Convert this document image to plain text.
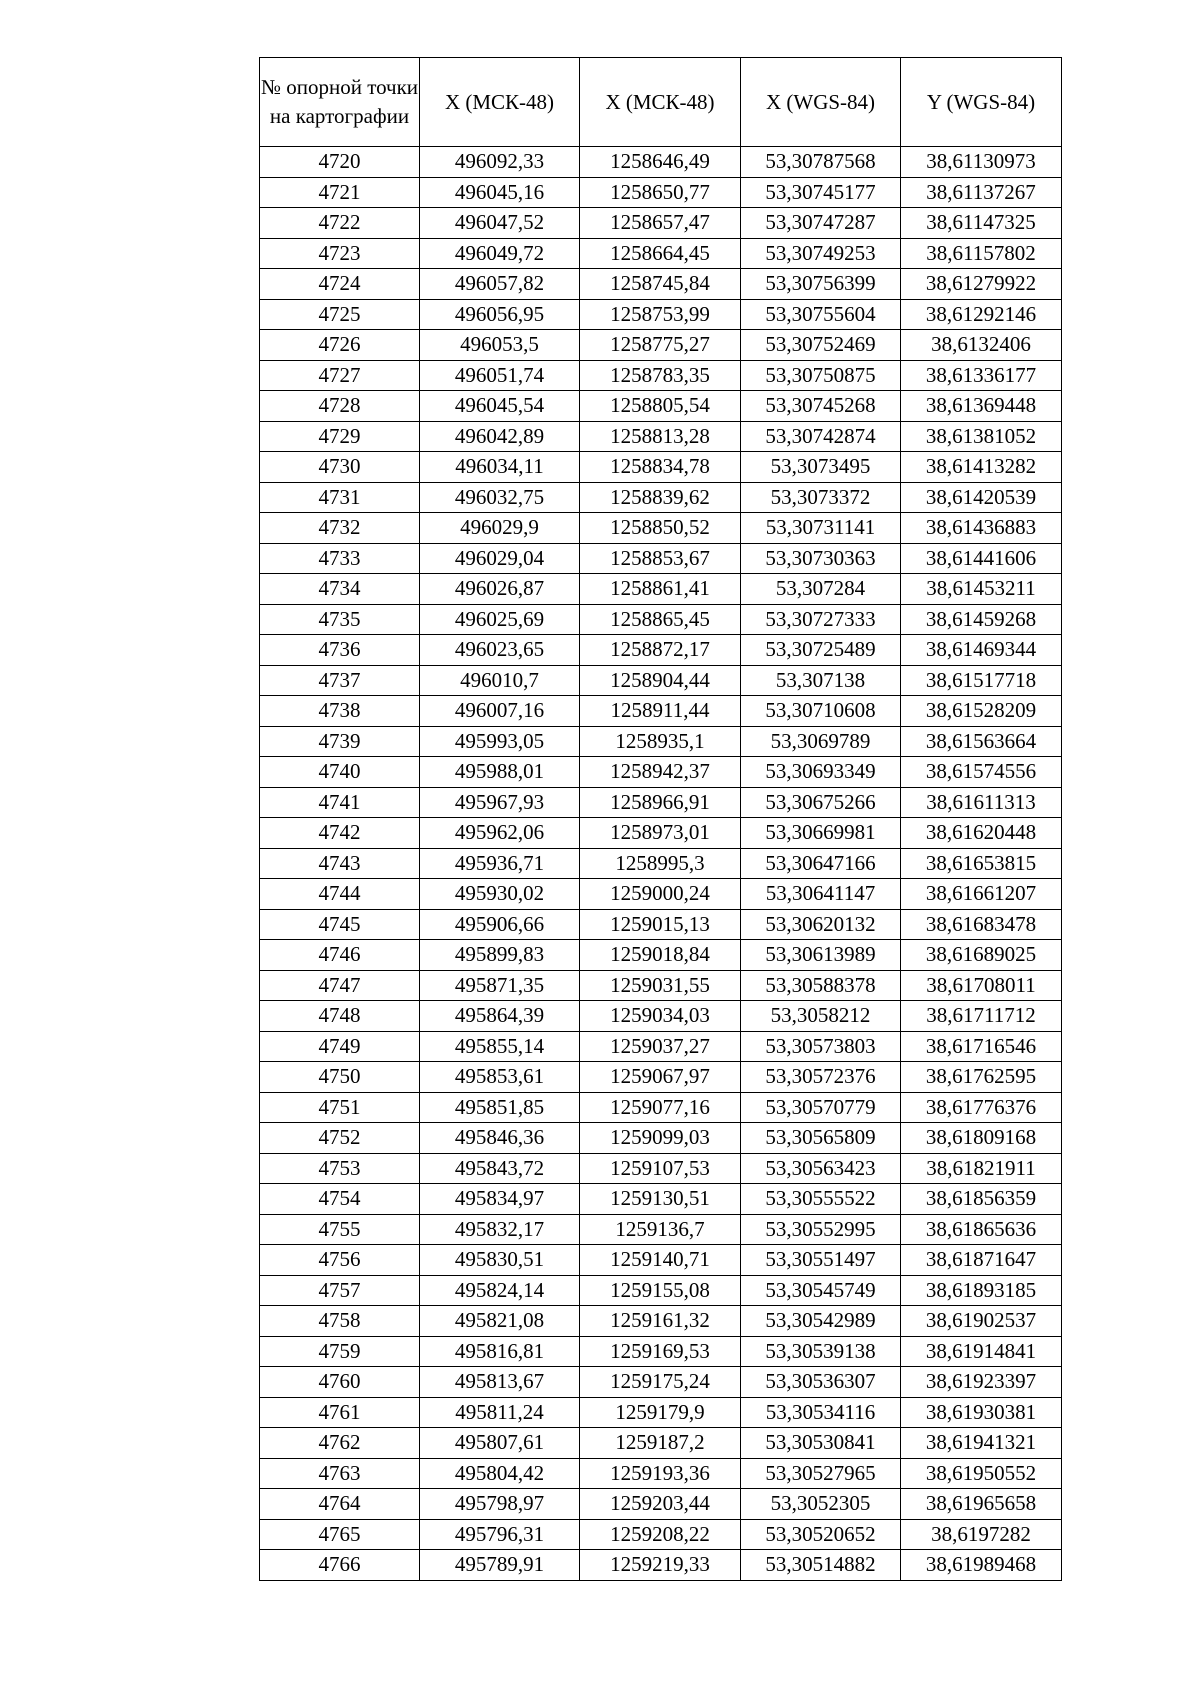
№ опорной точки на картографии	X (МСК-48)	X (МСК-48)	X (WGS-84)	Y (WGS-84)
4720	496092,33	1258646,49	53,30787568	38,61130973
4721	496045,16	1258650,77	53,30745177	38,61137267
4722	496047,52	1258657,47	53,30747287	38,61147325
4723	496049,72	1258664,45	53,30749253	38,61157802
4724	496057,82	1258745,84	53,30756399	38,61279922
4725	496056,95	1258753,99	53,30755604	38,61292146
4726	496053,5	1258775,27	53,30752469	38,6132406
4727	496051,74	1258783,35	53,30750875	38,61336177
4728	496045,54	1258805,54	53,30745268	38,61369448
4729	496042,89	1258813,28	53,30742874	38,61381052
4730	496034,11	1258834,78	53,3073495	38,61413282
4731	496032,75	1258839,62	53,3073372	38,61420539
4732	496029,9	1258850,52	53,30731141	38,61436883
4733	496029,04	1258853,67	53,30730363	38,61441606
4734	496026,87	1258861,41	53,307284	38,61453211
4735	496025,69	1258865,45	53,30727333	38,61459268
4736	496023,65	1258872,17	53,30725489	38,61469344
4737	496010,7	1258904,44	53,307138	38,61517718
4738	496007,16	1258911,44	53,30710608	38,61528209
4739	495993,05	1258935,1	53,3069789	38,61563664
4740	495988,01	1258942,37	53,30693349	38,61574556
4741	495967,93	1258966,91	53,30675266	38,61611313
4742	495962,06	1258973,01	53,30669981	38,61620448
4743	495936,71	1258995,3	53,30647166	38,61653815
4744	495930,02	1259000,24	53,30641147	38,61661207
4745	495906,66	1259015,13	53,30620132	38,61683478
4746	495899,83	1259018,84	53,30613989	38,61689025
4747	495871,35	1259031,55	53,30588378	38,61708011
4748	495864,39	1259034,03	53,3058212	38,61711712
4749	495855,14	1259037,27	53,30573803	38,61716546
4750	495853,61	1259067,97	53,30572376	38,61762595
4751	495851,85	1259077,16	53,30570779	38,61776376
4752	495846,36	1259099,03	53,30565809	38,61809168
4753	495843,72	1259107,53	53,30563423	38,61821911
4754	495834,97	1259130,51	53,30555522	38,61856359
4755	495832,17	1259136,7	53,30552995	38,61865636
4756	495830,51	1259140,71	53,30551497	38,61871647
4757	495824,14	1259155,08	53,30545749	38,61893185
4758	495821,08	1259161,32	53,30542989	38,61902537
4759	495816,81	1259169,53	53,30539138	38,61914841
4760	495813,67	1259175,24	53,30536307	38,61923397
4761	495811,24	1259179,9	53,30534116	38,61930381
4762	495807,61	1259187,2	53,30530841	38,61941321
4763	495804,42	1259193,36	53,30527965	38,61950552
4764	495798,97	1259203,44	53,3052305	38,61965658
4765	495796,31	1259208,22	53,30520652	38,6197282
4766	495789,91	1259219,33	53,30514882	38,61989468
